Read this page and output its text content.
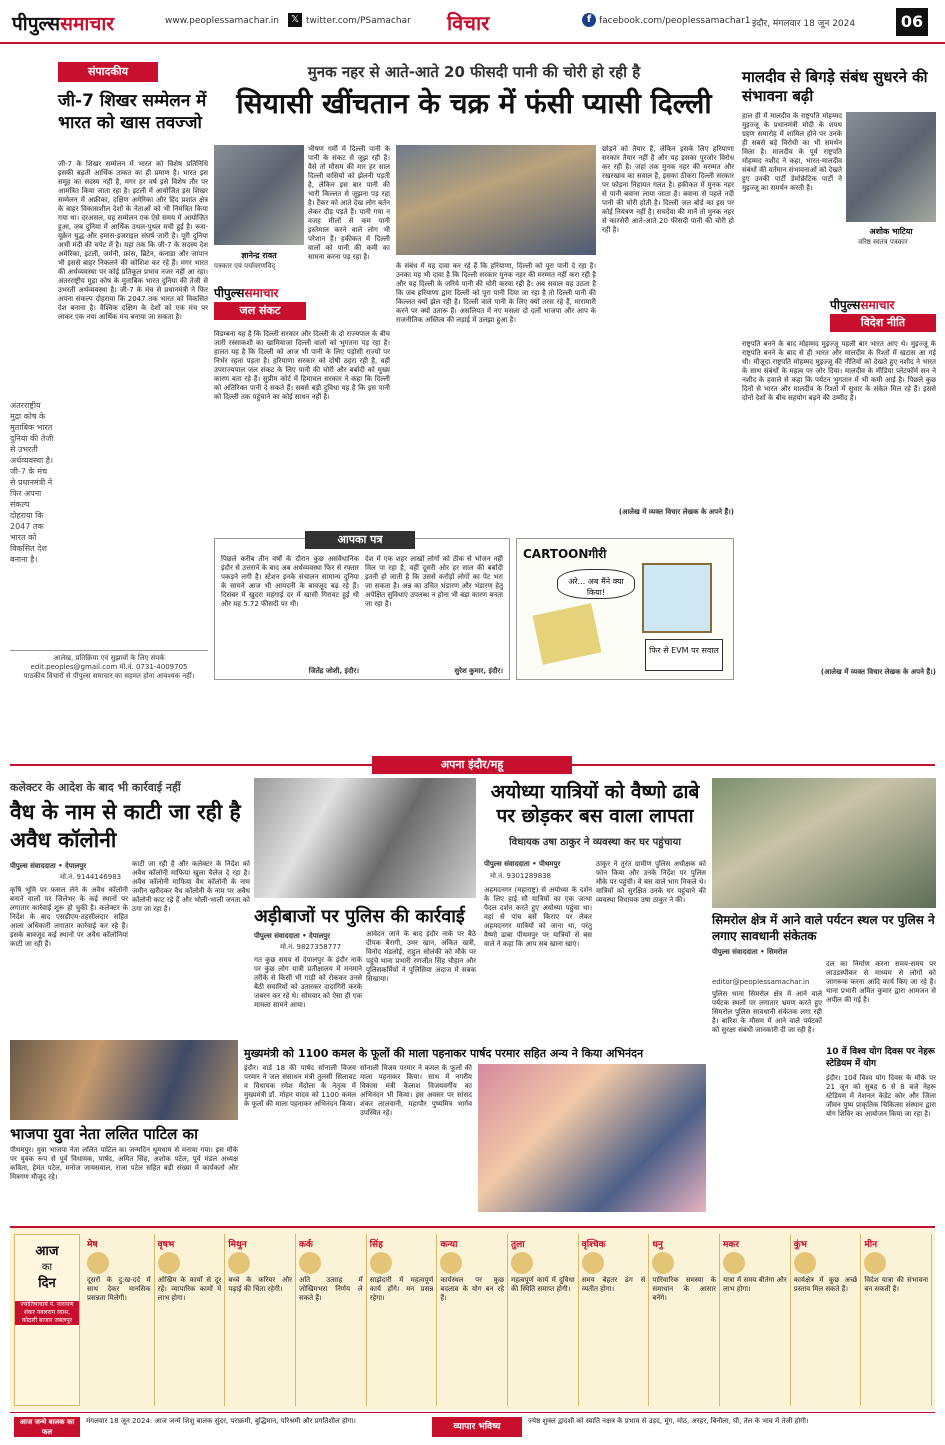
पीपुल्ससमाचार	www.peoplessamachar.in 𝕏 twitter.com/PSamachar विचार	f facebook.com/peoplessamachar1 इंदौर, मंगलवार 18 जून 2024	06
संपादकीय
जी-7 शिखर सम्मेलन में भारत को खास तवज्जो
जी-7 के शिखर सम्मेलन में भारत को विशेष प्रतिनिधि इसकी बढ़ती आर्थिक ताकत का ही प्रमाण है। भारत इस समूह का सदस्य नहीं है, मगर हर वर्ष इसे विशेष तौर पर आमंत्रित किया जाता रहा है। इटली में आयोजित इस शिखर सम्मेलन में अफ्रीका, दक्षिण अमेरिका और हिंद प्रशांत क्षेत्र के बाहर विकासशील देशों के नेताओं को भी निमंत्रित किया गया था। दरअसल, यह सम्मेलन एक ऐसे समय में आयोजित हुआ, जब दुनिया में आर्थिक उथल-पुथल मची हुई है। रूस-यूक्रेन युद्ध और हमास-इजराइल संघर्ष जारी है। पूरी दुनिया अभी मंदी की चपेट में है। यहां तक कि जी-7 के सदस्य देश अमेरिका, इटली, जर्मनी, फ्रांस, ब्रिटेन, कनाडा और जापान भी इससे बाहर निकलने की कोशिश कर रहे हैं। मगर भारत की अर्थव्यवस्था पर कोई प्रतिकूल प्रभाव नजर नहीं आ रहा। अंतरराष्ट्रीय मुद्रा कोष के मुताबिक भारत दुनिया की तेजी से उभरती अर्थव्यवस्था है। जी-7 के मंच से प्रधानमंत्री ने फिर अपना संकल्प दोहराया कि 2047 तक भारत को विकसित देश बनाना है। वैश्विक दक्षिण के देशों को एक मंच पर लाकर एक नया आर्थिक मंच बनाया जा सकता है।
अंतरराष्ट्रीय मुद्रा कोष के मुताबिक भारत दुनिया की तेजी से उभरती अर्थव्यवस्था है। जी-7 के मंच से प्रधानमंत्री ने फिर अपना संकल्प दोहराया कि 2047 तक भारत को विकसित देश बनाना है।
आलेख, प्रतिक्रिया एवं सुझावों के लिए संपर्क
edit.peoples@gmail.com मो.नं. 0731-4009705
पाठकीय विचारों से पीपुल्स समाचार का सहमत होना आवश्यक नहीं।
मुनक नहर से आते-आते 20 फीसदी पानी की चोरी हो रही है
सियासी खींचतान के चक्र में फंसी प्यासी दिल्ली
ज्ञानेन्द्र रावत
पत्रकार एवं पर्यावरणविद्
पीपुल्ससमाचार
जल संकट
भीषण गर्मी में दिल्ली पानी के पानी के संकट से जूझ रही है। वैसे तो मौसम की मार हर साल दिल्ली वासियों को झेलनी पड़ती है, लेकिन इस बार पानी की भारी किल्लत से जूझना पड़ रहा है। टैंकर को आते देख लोग बर्तन लेकर दौड़ पड़ते हैं। पानी गया न वजह मीलों से कम पानी इस्तेमाल करने वाले लोग भी परेशान हैं। हकीकत में दिल्ली वालों को पानी की कमी का सामना करना पड़ रहा है।
विडम्बना यह है कि दिल्ली सरकार और दिल्ली के दो राज्यपाल के बीच जारी रस्साकशी का खामियाजा दिल्ली वालों को भुगतना पड़ रहा है। हालत यह है कि दिल्ली को आज भी पानी के लिए पड़ोसी राज्यों पर निर्भर रहना पड़ता है। हरियाणा सरकार को दोषी ठहरा रही है, वहीं उपराज्यपाल जल संकट के लिए पानी की चोरी और बर्बादी को मुख्य कारण बता रहे हैं। सुप्रीम कोर्ट में हिमाचल सरकार ने कहा कि दिल्ली को अतिरिक्त पानी दे सकते हैं। सबसे बड़ी दुविधा यह है कि इस पानी को दिल्ली तक पहुंचाने का कोई साधन नहीं है।
के संबंध में यह दावा कर रहे हैं कि हरियाणा, दिल्ली को पूरा पानी दे रहा है। उनका यह भी दावा है कि दिल्ली सरकार मुनक नहर की मरम्मत नहीं करा रही है और यह दिल्ली के जरिये पानी की चोरी करवा रही है। अब सवाल यह उठता है कि जब हरियाणा द्वारा दिल्ली को पूरा पानी दिया जा रहा है तो दिल्ली पानी की किल्लत क्यों झेल रही है। दिल्ली वाले पानी के लिए क्यों तरस रहे हैं, मारामारी करने पर क्यों उतारू हैं। असलियत में नए मसला दो दलों भाजपा और आप के राजनीतिक अस्तित्व की लड़ाई में उलझा हुआ है।
छोड़ने को तैयार है, लेकिन इसके लिए हरियाणा सरकार तैयार नहीं है और यह इसका पुरजोर विरोध कर रही है। जहां तक मुनक नहर की मरम्मत और रखरखाव का सवाल है, इसका ठीकरा दिल्ली सरकार पर फोड़ना निहायत गलत है। हकीकत में मुनक नहर से पानी बवाना लाया जाता है। बवाना से पहले नदी पानी की चोरी होती है। दिल्ली जल बोर्ड का इस पर कोई नियंत्रण नहीं है। सचदेवा की मानें तो मुनक नहर से कारसेरी आते-आते 20 फीसदी पानी की चोरी हो रही है।
(आलेख में व्यक्त विचार लेखक के अपने हैं।)
आपका पत्र
पिछले करीब तीन वर्षों के दौरान कुछ असंवैधानिक इंदौर से उत्तराने के बाद अब अर्थव्यवस्था फिर से रफ्तार पकड़ने लगी है। स्टेशन इनके संचालन सामान्य दुनिया के सामने आज भी आमदनी के बावजूद बढ़ रहे हैं। दिसंबर में खुदरा महंगाई दर में खासी गिरावट हुई थी और यह 5.72 फीसदी पर थी।
जितेंद्र जोशी, इंदौर।
देश में एक शहर लाखों लोगों को ठीक से भोजन नहीं मिल पा रहा है, वहीं दूसरी ओर हर साल की बर्बादी इतनी हो जाती है कि उससे करोड़ों लोगों का पेट भरा जा सकता है। अन्न का उचित भंडारण और भंडारण हेतु अपेक्षित सुविधाएं उपलब्ध न होना भी बड़ा कारण बनता जा रहा है।
सुरेश कुमार, इंदौर।
CARTOONगीरी
अरे... अब मैंने क्या किया!
फिर से EVM पर सवाल
मालदीव से बिगड़े संबंध सुधरने की संभावना बढ़ी
हाल ही में मालदीव के राष्ट्रपति मोहम्मद मुइज्जू के प्रधानमंत्री मोदी के शपथ ग्रहण समारोह में शामिल होने पर उनके ही सबसे बड़े विरोधी का भी समर्थन मिला है। मालदीव के पूर्व राष्ट्रपति मोहम्मद नशीद ने कहा, भारत-मालदीव संबंधों की वर्तमान संभावनाओं को देखते हुए उनकी पार्टी डेमोक्रेटिक पार्टी ने मुइज्जू का समर्थन करती है।
अशोक भाटिया
वरिष्ठ स्वतंत्र पत्रकार
पीपुल्ससमाचार
विदेश नीति
राष्ट्रपति बनने के बाद मोहम्मद मुइज्जू पहली बार भारत आए थे। मुइज्जू के राष्ट्रपति बनने के बाद से ही भारत और मालदीव के रिश्तों में खटास आ गई थी। मौजूदा राष्ट्रपति मोहम्मद मुइज्जू की नीतियों को देखते हुए नशीद ने भारत के साथ संबंधों के महत्व पर जोर दिया। मालदीव के मीडिया प्लेटफॉर्म सन ने नशीद के हवाले से कहा कि पर्यटन भुगतान में भी कमी आई है। पिछले कुछ दिनों से भारत और मालदीव के रिश्तों में सुधार के संकेत मिल रहे हैं। इससे दोनों देशों के बीच सहयोग बढ़ने की उम्मीद है।
(आलेख में व्यक्त विचार लेखक के अपने हैं।)
अपना इंदौर/महू
कलेक्टर के आदेश के बाद भी कार्रवाई नहीं
वैध के नाम से काटी जा रही है अवैध कॉलोनी
पीपुल्स संवाददाता • देपालपुर
मो.नं. 9144146983
कृषि भूमि पर फसल लेने के अवैध कॉलोनी बनाने वालों पर जिलेभर के कई स्थानों पर लगातार कार्रवाई शुरू हो चुकी है। कलेक्टर के निर्देश के बाद एसडीएम-तहसीलदार सहित आला अधिकारी लगातार कार्रवाई कर रहे हैं। इसके बावजूद कई स्थानों पर अवैध कॉलोनियां काटी जा रही हैं।
काटी जा रही है और कलेक्टर के निर्देश को अवैध कॉलोनी माफिया खुला चैलेंज दे रहा है। अवैध कॉलोनी माफिया वैध कॉलोनी के नाम जमीन खरीदकर वैध कॉलोनी के नाम पर अवैध कॉलोनी काट रहे हैं और भोली-भाली जनता को ठगा जा रहा है।	अड़ीबाजों पर पुलिस की कार्रवाई
पीपुल्स संवाददाता • देपालपुर
मो.नं. 9827358777
गत कुछ समय से देपालपुर के इंदौर नाके पर कुछ लोग यात्री प्रतीक्षालय में मनमाने तरीके से किसी भी गाड़ी को रोककर उनसे बैठी सवारियों को उतारकर दादागिरी करके जबरन कर रहे थे। सोमवार को ऐसा ही एक मामला सामने आया।
आवेदन जाने के बाद इंदौर नाके पर बैठे दीपक बैरागी, उमर खान, अंकित खत्री, विनोद मंडलोई, राहुल सोलंकी को मौके पर पहुंचे थाना प्रभारी रणजीत सिंह चौहान और पुलिसकर्मियों ने पुलिसिया अंदाज में सबक सिखाया।
अयोध्या यात्रियों को वैष्णो ढाबे पर छोड़कर बस वाला लापता
विधायक उषा ठाकुर ने व्यवस्था कर घर पहुंचाया
पीपुल्स संवाददाता • पीथमपुर
मो.नं. 9301289838
अहमदनगर (महाराष्ट्र) से अयोध्या के दर्शन के लिए हाई सौ यात्रियों का एक जत्था पैदल दर्शन करते हुए अयोध्या पहुंचा था। वहां से पांच बसें किराए पर लेकर अहमदनगर यात्रियों को जाना था, परंतु वैष्णो ढाबा पीथमपुर पर यात्रियों से बस वाले ने कहा कि आप सब खाना खाएं।
ठाकुर ने तुरंत ग्रामीण पुलिस अधीक्षक को फोन किया और उनके निर्देश पर पुलिस मौके पर पहुंची। वे बस वाले भाग निकले थे। यात्रियों को सुरक्षित उनके घर पहुंचाने की व्यवस्था विधायक उषा ठाकुर ने की।
सिमरोल क्षेत्र में आने वाले पर्यटन स्थल पर पुलिस ने लगाए सावधानी संकेतक
पीपुल्स संवाददाता • सिमरोल
editor@peoplessamachar.in
पुलिस थाना सिमरोल क्षेत्र में आने वाले पर्यटक स्थलों पर लगातार भ्रमण करते हुए सिमरोल पुलिस सावधानी संकेतक लगा रही है। बारिश के मौसम में आने वाले पर्यटकों को सुरक्षा संबंधी जानकारी दी जा रही है।
दल का निर्माण करना समय-समय पर लाउडस्पीकर से माध्यम से लोगों को जागरूक करना आदि कार्य किए जा रहे हैं। थाना प्रभारी अमित कुमार द्वारा आमजन से अपील की गई है।
10 वें विश्व योग दिवस पर नेहरू स्टेडियम में योग
इंदौर। 10वें विश्व योग दिवस के मौके पर 21 जून को सुबह 6 से 8 बजे नेहरू स्टेडियम में नेशनल केडेट कोर और जिला जीवन पुष्प प्राकृतिक चिकित्सा संस्थान द्वारा योग शिविर का आयोजन किया जा रहा है।
भाजपा युवा नेता ललित पाटिल का
पीथमपुर। युवा भाजपा नेता ललित पाटिल का जन्मदिन धूमधाम से मनाया गया। इस मौके पर युवक रूप से पूर्व विधायक, पार्षद, अमित सिंह, अशोक पटेल, पूर्व मंडल अध्यक्ष कविता, हेमंत पटेल, मनोज जायसवाल, राजा पटेल सहित बड़ी संख्या में कार्यकर्ता और मित्रगण मौजूद रहे।
मुख्यमंत्री को 1100 कमल के फूलों की माला पहनाकर पार्षद परमार सहित अन्य ने किया अभिनंदन
इंदौर। वार्ड 18 की पार्षद सोनाली विजय परमार ने जल संसाधन मंत्री तुलसी सिलावट व विधायक रमेश मेंदोला के नेतृत्व में मुख्यमंत्री डॉ. मोहन यादव को 1100 कमल के फूलों की माला पहनाकर अभिनंदन किया।
सोनाली विजय परमार ने कमल के फूलों की माला पहनाकर किया। साथ में नगरीय विकास मंत्री कैलाश विजयवर्गीय का अभिनंदन भी किया। इस अवसर पर सांसद शंकर लालवानी, महापौर पुष्यमित्र भार्गव उपस्थित रहे।
आज
का
दिन
ज्योतिषाचार्य पं. नारायण शंकर नवलराम व्यास, कोठारी बाजार जबलपुर
मेष
दूसरों के दु:ख-दर्द में साथ देकर मानसिक प्रसन्नता मिलेगी।
वृषभ
ओखिम के कार्यों से दूर रहें। व्यापारिक कामों में लाभ होगा।
मिथुन
बच्चे के करियर और पढ़ाई की चिंता रहेगी।
कर्क
अति उत्साह में जोखिमभरा निर्णय ले सकते हैं।
सिंह
साझेदारी में महत्वपूर्ण कार्य होंगे। मन प्रसन्न रहेगा।
कन्या
कार्यस्थल पर कुछ बदलाव के योग बन रहे हैं।
तुला
महत्वपूर्ण कार्य में दुविधा की स्थिति समाप्त होगी।
वृश्चिक
समय बेहतर ढंग से व्यतीत होगा।
धनु
पारिवारिक समस्या के समाधान के आसार बनेंगे।
मकर
यात्रा में समय बीतेगा और लाभ होगा।
कुंभ
कार्यक्षेत्र में कुछ अच्छे प्रस्ताव मिल सकते हैं।
मीन
विदेश यात्रा की संभावना बन सकती है।
आज जन्मे बालक का फल
मंगलवार 18 जून 2024: आज जन्मे शिशु बालक सुंदर, पराक्रमी, बुद्धिमान, परिश्रमी और प्रगतिशील होगा।
व्यापार भविष्य
ज्येष्ठ शुक्ल द्वादशी को स्वाति नक्षत्र के प्रभाव से उड़द, मूंग, मोठ, अरहर, बिनौला, घी, तेल के भाव में तेजी होगी।
